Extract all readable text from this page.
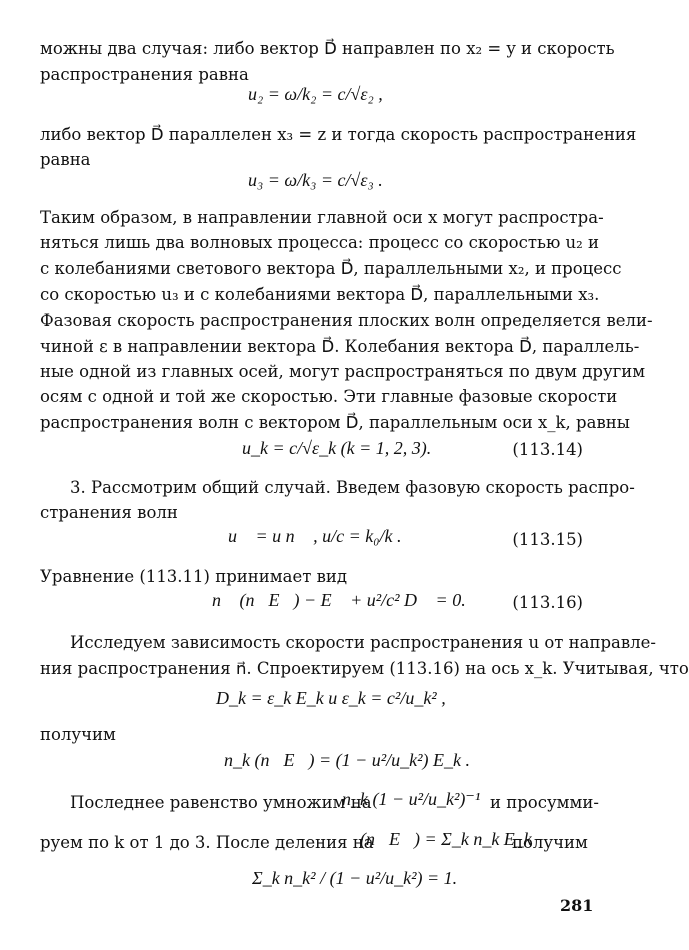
можны два случая: либо вектор D⃗ направлен по x₂ = y и скорость

распространения равна

u₂ = ω/k₂ = c/√ε₂ ,

либо вектор D⃗ параллелен x₃ = z и тогда скорость распространения

равна

u₃ = ω/k₃ = c/√ε₃ .

Таким образом, в направлении главной оси x могут распростра-

няться лишь два волновых процесса: процесс со скоростью u₂ и

с колебаниями светового вектора D⃗, параллельными x₂, и процесс

со скоростью u₃ и с колебаниями вектора D⃗, параллельными x₃.

Фазовая скорость распространения плоских волн определяется вели-

чиной ε в направлении вектора D⃗. Колебания вектора D⃗, параллель-

ные одной из главных осей, могут распространяться по двум другим

осям с одной и той же скоростью. Эти главные фазовые скорости

распространения волн с вектором D⃗, параллельным оси x_k, равны

u_k = c/√ε_k (k = 1, 2, 3).	(113.14)

3. Рассмотрим общий случай. Введем фазовую скорость распро-

странения волн

u⃗ = u n⃗ , u/c = k₀/k .	(113.15)

Уравнение (113.11) принимает вид

n⃗ (n⃗E⃗) − E⃗ + u²/c² D⃗ = 0.	(113.16)

Исследуем зависимость скорости распространения u от направле-

ния распространения n⃗. Спроектируем (113.16) на ось x_k. Учитывая, что

D_k = ε_k E_k и ε_k = c²/u_k² ,

получим

n_k (n⃗E⃗) = (1 − u²/u_k²) E_k .

Последнее равенство умножим на

n_k (1 − u²/u_k²)⁻¹ и просумми-

руем по k от 1 до 3. После деления на

(n⃗E⃗) = Σ_k n_k E_k

получим

Σ_k n_k² / (1 − u²/u_k²) = 1.
281
